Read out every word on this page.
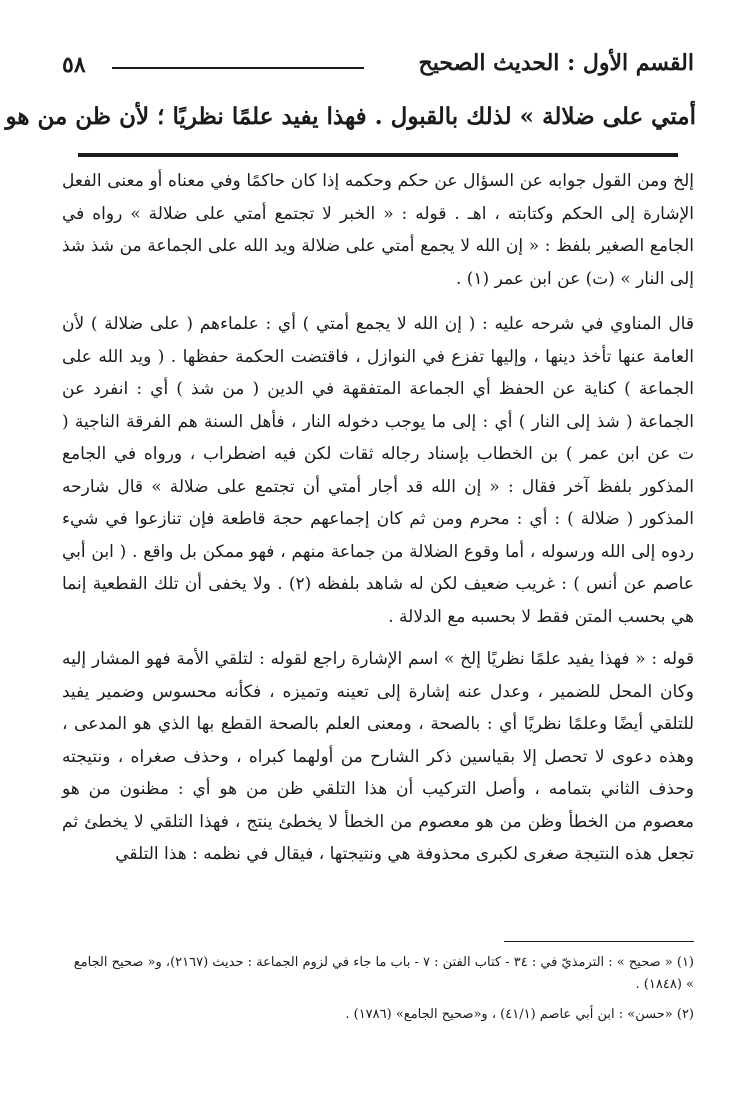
٥٨	القسم الأول : الحديث الصحيح
أمتي على ضلالة » لذلك بالقبول . فهذا يفيد علمًا نظريًا ؛ لأن ظن من هو

إلخ ومن القول جوابه عن السؤال عن حكم وحكمه إذا كان حاكمًا وفي معناه أو معنى الفعل الإشارة إلى الحكم وكتابته ، اهـ . قوله : « الخبر لا تجتمع أمتي على ضلالة » رواه في الجامع الصغير بلفظ : « إن الله لا يجمع أمتي على ضلالة ويد الله على الجماعة من شذ شذ إلى النار » (ت) عن ابن عمر (١) .

قال المناوي في شرحه عليه : ( إن الله لا يجمع أمتي ) أي : علماءهم ( على ضلالة ) لأن العامة عنها تأخذ دينها ، وإليها تفزع في النوازل ، فاقتضت الحكمة حفظها . ( ويد الله على الجماعة ) كناية عن الحفظ أي الجماعة المتفقهة في الدين ( من شذ ) أي : انفرد عن الجماعة ( شذ إلى النار ) أي : إلى ما يوجب دخوله النار ، فأهل السنة هم الفرقة الناجية ( ت عن ابن عمر ) بن الخطاب بإسناد رجاله ثقات لكن فيه اضطراب ، ورواه في الجامع المذكور بلفظ آخر فقال : « إن الله قد أجار أمتي أن تجتمع على ضلالة » قال شارحه المذكور ( ضلالة ) : أي : محرم ومن ثم كان إجماعهم حجة قاطعة فإن تنازعوا في شيء ردوه إلى الله ورسوله ، أما وقوع الضلالة من جماعة منهم ، فهو ممكن بل واقع . ( ابن أبي عاصم عن أنس ) : غريب ضعيف لكن له شاهد بلفظه (٢) . ولا يخفى أن تلك القطعية إنما هي بحسب المتن فقط لا بحسبه مع الدلالة .

قوله : « فهذا يفيد علمًا نظريًا إلخ » اسم الإشارة راجع لقوله : لتلقي الأمة فهو المشار إليه وكان المحل للضمير ، وعدل عنه إشارة إلى تعينه وتميزه ، فكأنه محسوس وضمير يفيد للتلقي أيضًا وعلمًا نظريًا أي : بالصحة ، ومعنى العلم بالصحة القطع بها الذي هو المدعى ، وهذه دعوى لا تحصل إلا بقياسين ذكر الشارح من أولهما كبراه ، وحذف صغراه ، ونتيجته وحذف الثاني بتمامه ، وأصل التركيب أن هذا التلقي ظن من هو أي : مظنون من هو معصوم من الخطأ وظن من هو معصوم من الخطأ لا يخطئ ينتج ، فهذا التلقي لا يخطئ ثم تجعل هذه النتيجة صغرى لكبرى محذوفة هي ونتيجتها ، فيقال في نظمه : هذا التلقي

(١) « صحيح » : الترمذيّ في : ٣٤ - كتاب الفتن : ٧ - باب ما جاء في لزوم الجماعة : حديث (٢١٦٧)، و« صحيح الجامع » (١٨٤٨) .

(٢) «حسن» : ابن أبي عاصم (٤١/١) ، و«صحيح الجامع» (١٧٨٦) .
